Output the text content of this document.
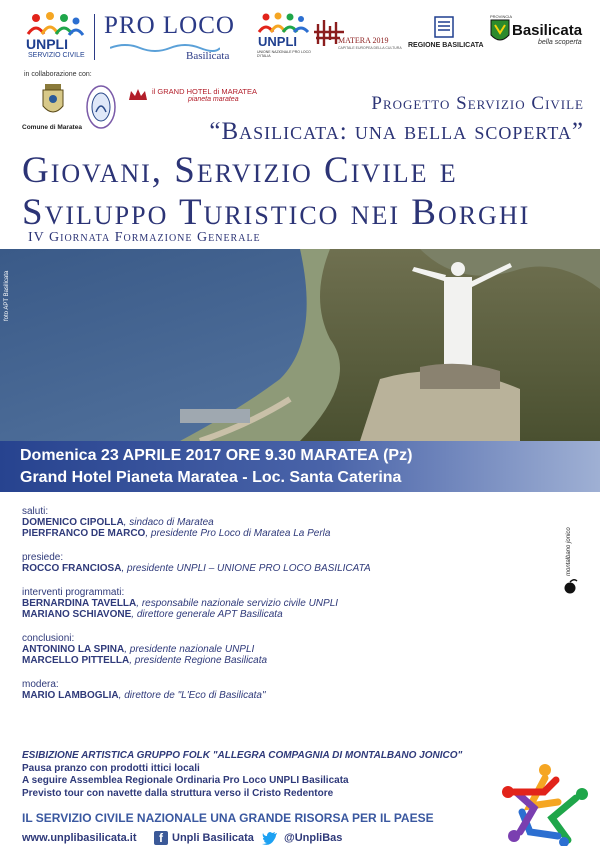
UNPLI
SERVIZIO CIVILE
PRO LOCO
Basilicata
UNPLI
UNIONE NAZIONALE PRO LOCO D'ITALIA
MATERA 2019
CAPITALE EUROPEA DELLA CULTURA REGIONE BASILICATA
PROVINCIA
Basilicata
bella scoperta
in collaborazione con:
Comune di Maratea
il GRAND HOTEL di MARATEA
pianeta maratea	Progetto Servizio Civile
“Basilicata: una bella scoperta”
Giovani, Servizio Civile e
Sviluppo Turistico nei Borghi
IV Giornata Formazione Generale
foto APT Basilicata
Domenica 23 APRILE 2017 ORE 9.30 MARATEA (Pz)
Grand Hotel Pianeta Maratea - Loc. Santa Caterina
saluti:
DOMENICO CIPOLLA, sindaco di Maratea
PIERFRANCO DE MARCO, presidente Pro Loco di Maratea La Perla
presiede:
ROCCO FRANCIOSA, presidente UNPLI – UNIONE PRO LOCO BASILICATA
interventi programmati:
BERNARDINA TAVELLA, responsabile nazionale servizio civile UNPLI
MARIANO SCHIAVONE, direttore generale APT Basilicata
conclusioni:
ANTONINO LA SPINA, presidente nazionale UNPLI
MARCELLO PITTELLA, presidente Regione Basilicata
modera:
MARIO LAMBOGLIA, direttore de "L'Eco di Basilicata"
montalbano jonico
ESIBIZIONE ARTISTICA GRUPPO FOLK "ALLEGRA COMPAGNIA DI MONTALBANO JONICO"
Pausa pranzo con prodotti ittici locali
A seguire Assemblea Regionale Ordinaria Pro Loco UNPLI Basilicata
Previsto tour con navette dalla struttura verso il Cristo Redentore
IL SERVIZIO CIVILE NAZIONALE UNA GRANDE RISORSA PER IL PAESE
www.unplibasilicata.it	f Unpli Basilicata	@UnpliBas
